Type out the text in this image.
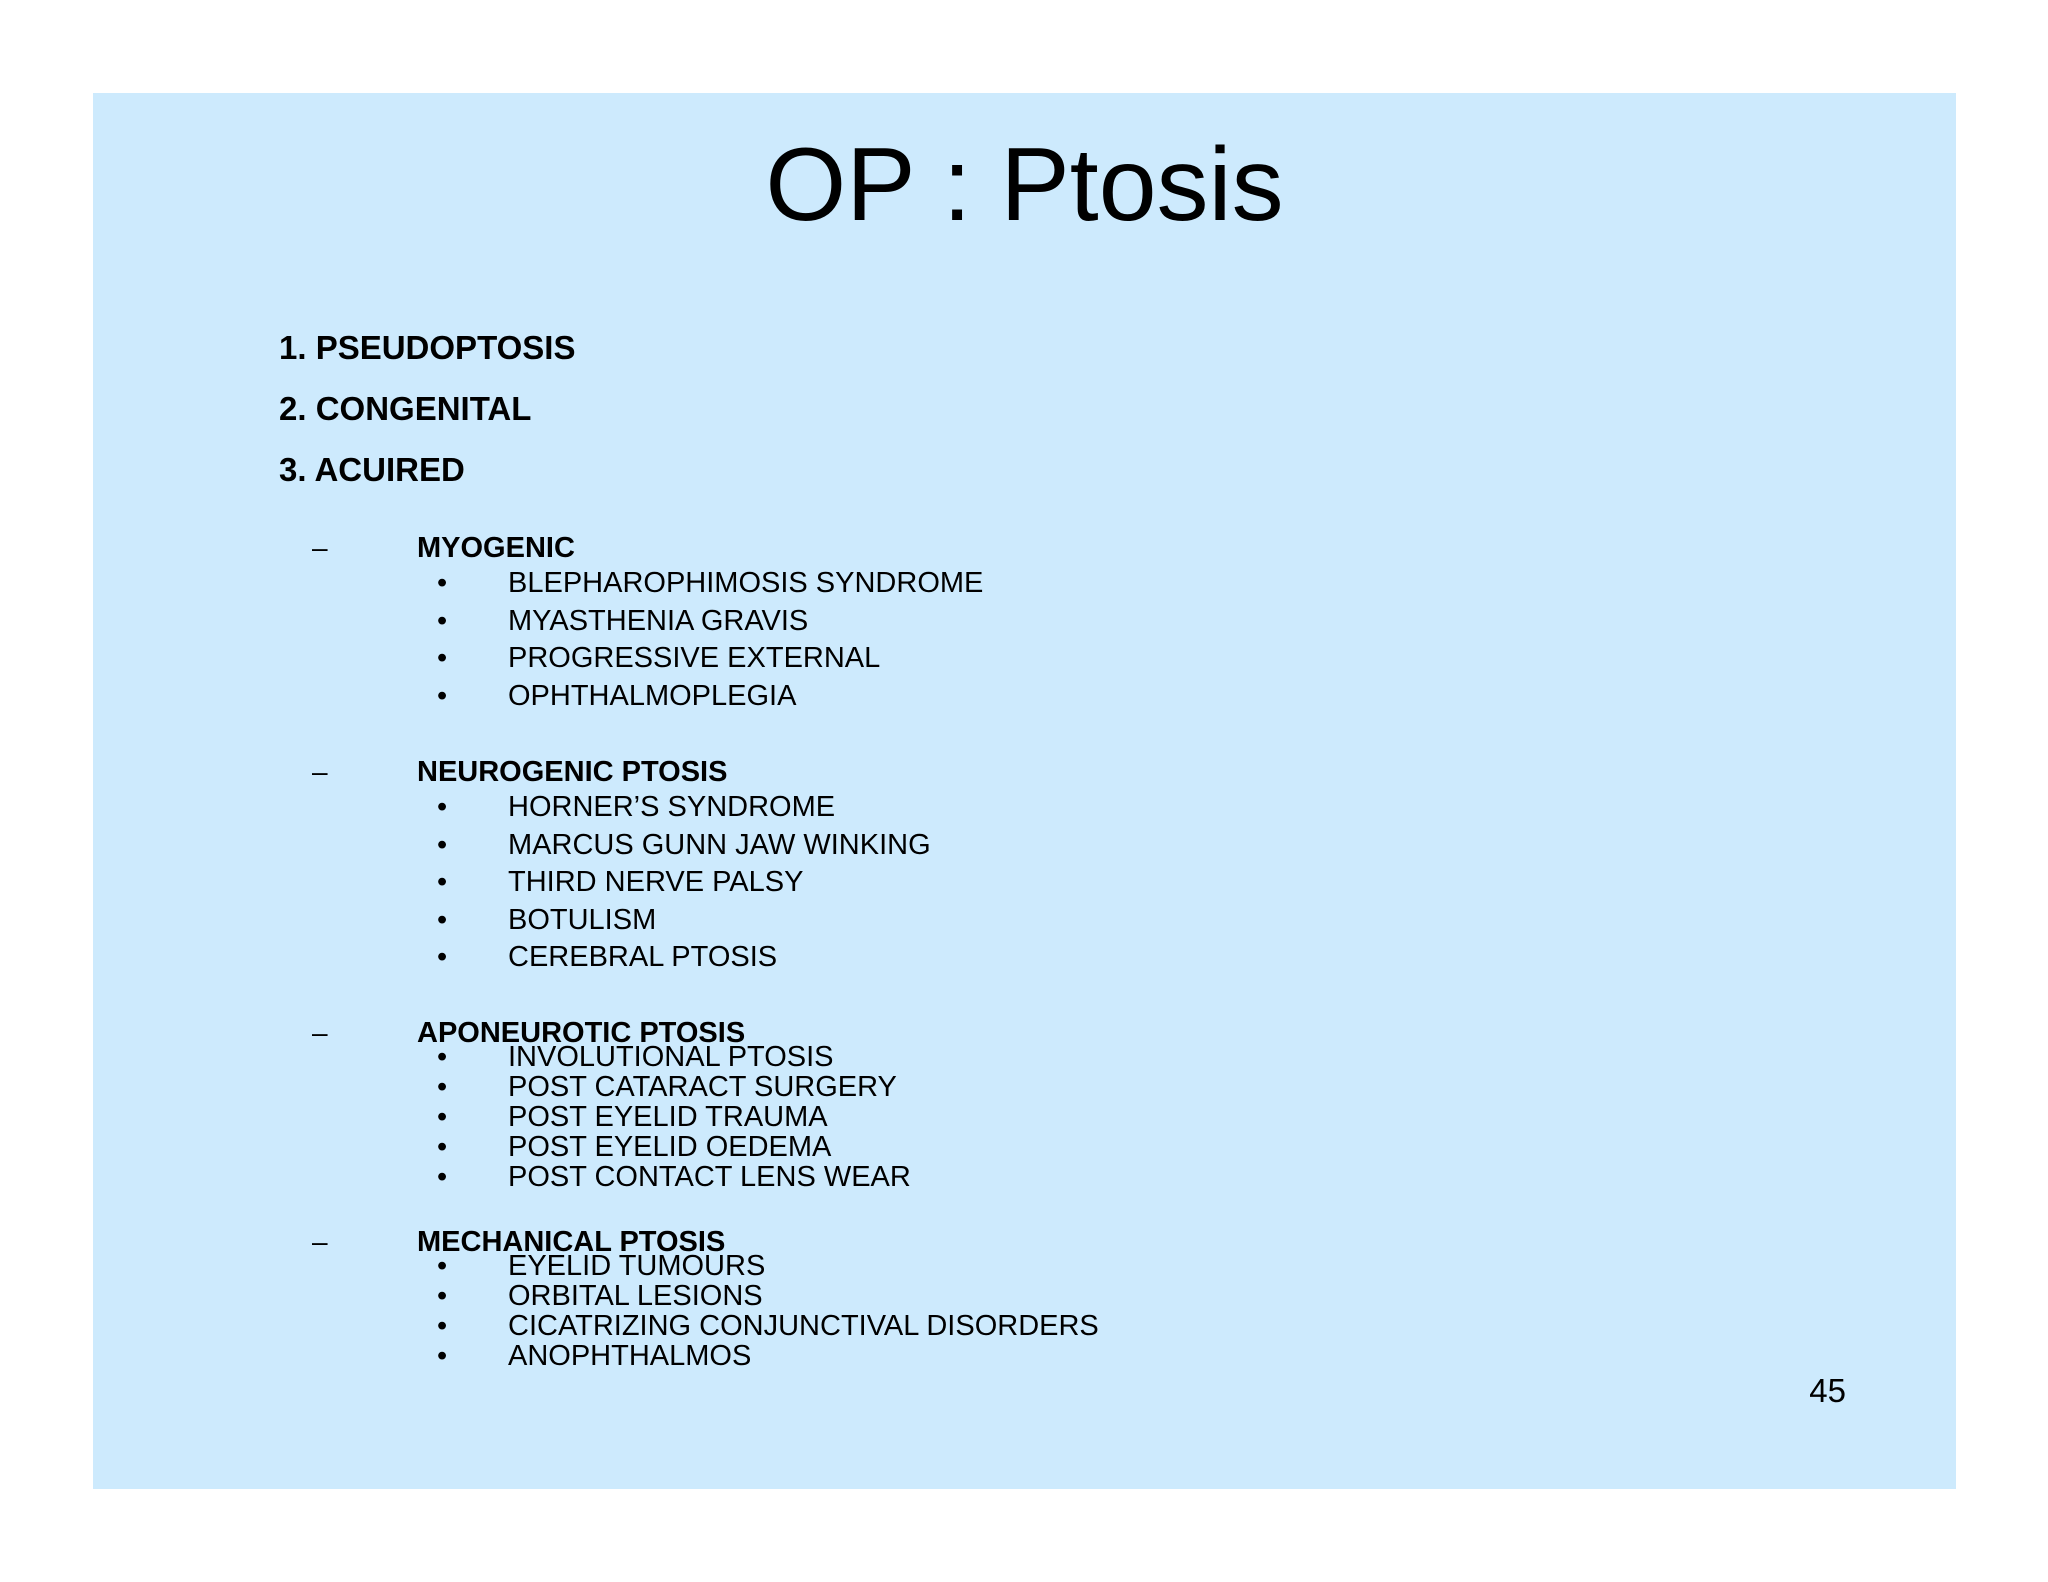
OP : Ptosis
1. PSEUDOPTOSIS
2. CONGENITAL
3. ACUIRED
–	MYOGENIC
• BLEPHAROPHIMOSIS SYNDROME
• MYASTHENIA GRAVIS
• PROGRESSIVE EXTERNAL
• OPHTHALMOPLEGIA
–	NEUROGENIC PTOSIS
• HORNER’S SYNDROME
• MARCUS GUNN JAW WINKING
• THIRD NERVE PALSY
• BOTULISM
• CEREBRAL PTOSIS
–	APONEUROTIC PTOSIS
• INVOLUTIONAL PTOSIS
• POST CATARACT SURGERY
• POST EYELID TRAUMA
• POST EYELID OEDEMA
• POST CONTACT LENS WEAR
–	MECHANICAL PTOSIS
• EYELID TUMOURS
• ORBITAL LESIONS
• CICATRIZING CONJUNCTIVAL DISORDERS
• ANOPHTHALMOS
45
